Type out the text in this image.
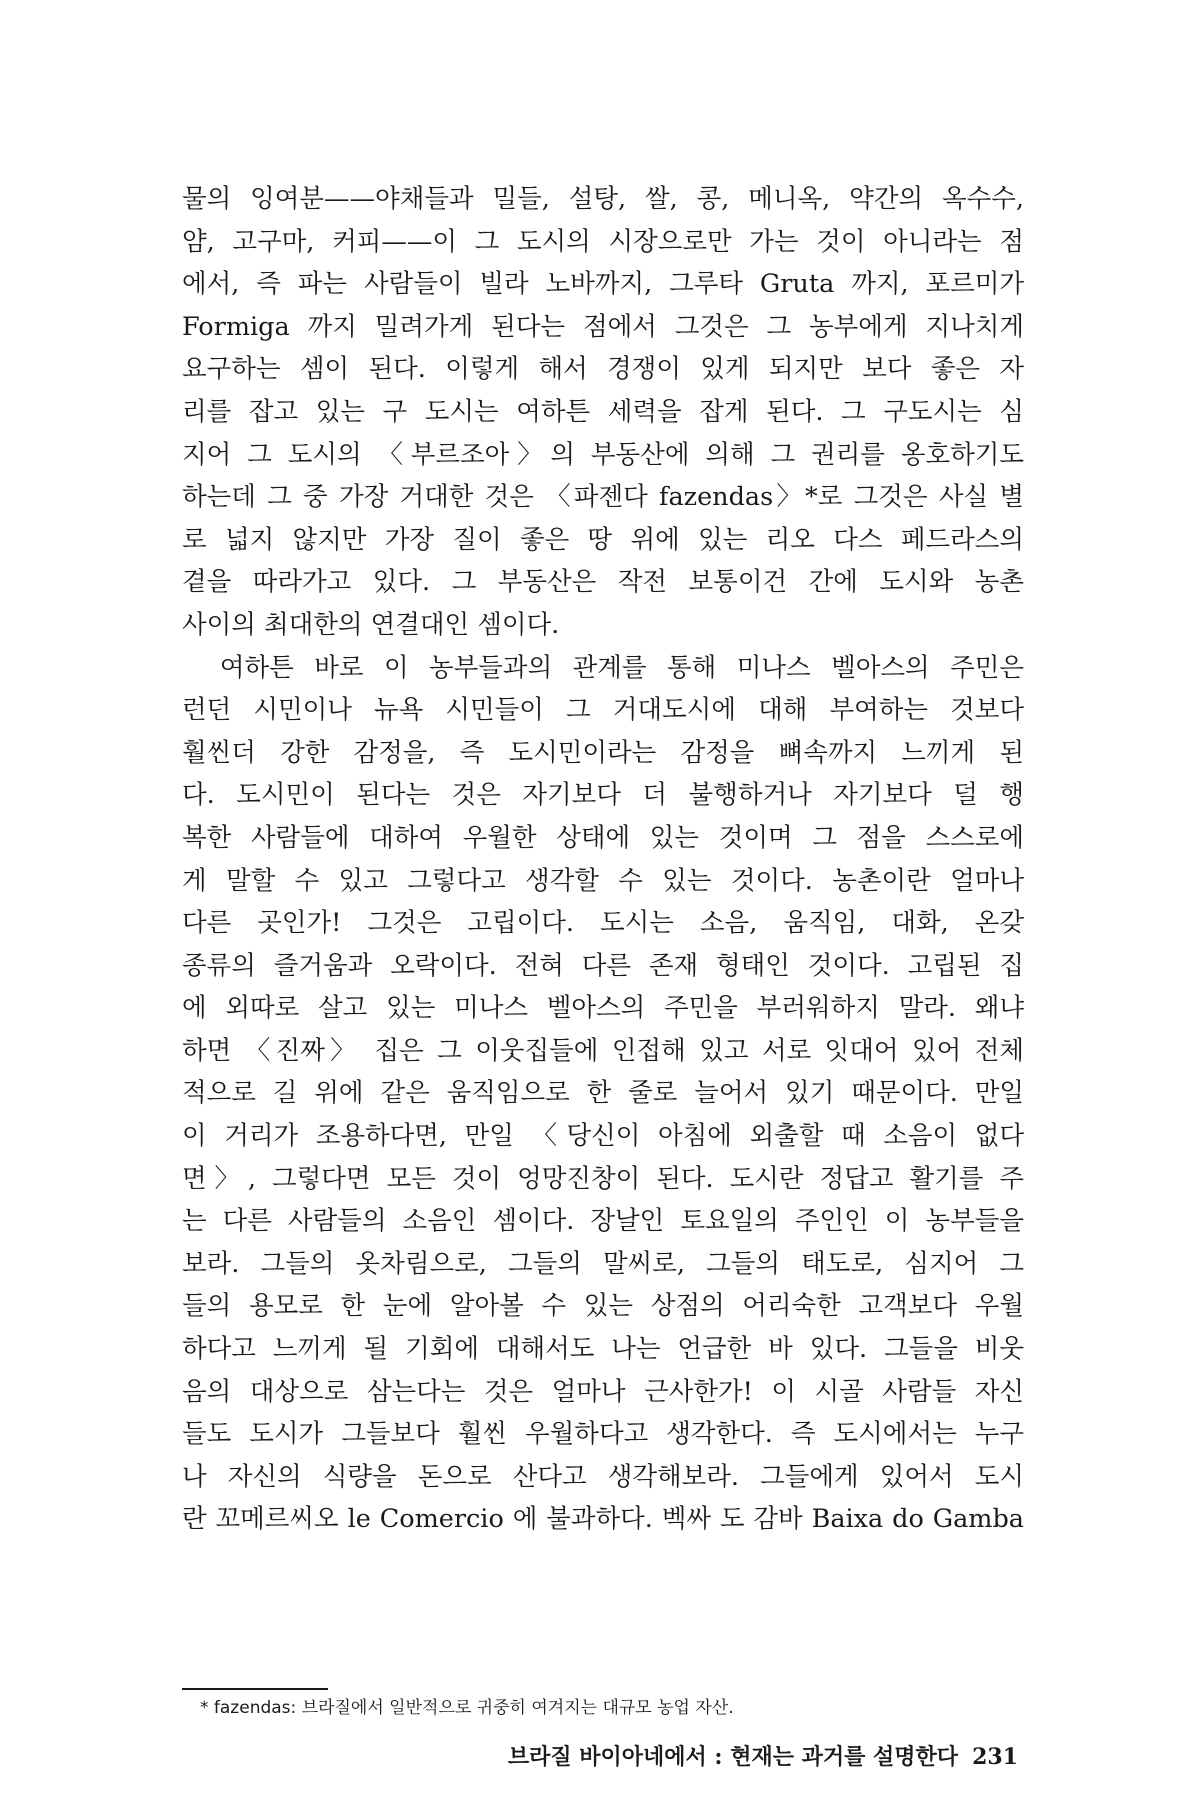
물의 잉여분——야채들과 밀들, 설탕, 쌀, 콩, 메니옥, 약간의 옥수수,
얌, 고구마, 커피——이 그 도시의 시장으로만 가는 것이 아니라는 점
에서, 즉 파는 사람들이 빌라 노바까지, 그루타 Gruta 까지, 포르미가
Formiga 까지 밀려가게 된다는 점에서 그것은 그 농부에게 지나치게
요구하는 셈이 된다. 이렇게 해서 경쟁이 있게 되지만 보다 좋은 자
리를 잡고 있는 구 도시는 여하튼 세력을 잡게 된다. 그 구도시는 심
지어 그 도시의 〈부르조아〉의 부동산에 의해 그 권리를 옹호하기도
하는데 그 중 가장 거대한 것은 〈파젠다 fazendas〉*로 그것은 사실 별
로 넓지 않지만 가장 질이 좋은 땅 위에 있는 리오 다스 페드라스의
곁을 따라가고 있다. 그 부동산은 작전 보통이건 간에 도시와 농촌
사이의 최대한의 연결대인 셈이다.
　여하튼 바로 이 농부들과의 관계를 통해 미나스 벨아스의 주민은
런던 시민이나 뉴욕 시민들이 그 거대도시에 대해 부여하는 것보다
훨씬더 강한 감정을, 즉 도시민이라는 감정을 뼈속까지 느끼게 된
다. 도시민이 된다는 것은 자기보다 더 불행하거나 자기보다 덜 행
복한 사람들에 대하여 우월한 상태에 있는 것이며 그 점을 스스로에
게 말할 수 있고 그렇다고 생각할 수 있는 것이다. 농촌이란 얼마나
다른 곳인가! 그것은 고립이다. 도시는 소음, 움직임, 대화, 온갖
종류의 즐거움과 오락이다. 전혀 다른 존재 형태인 것이다. 고립된 집
에 외따로 살고 있는 미나스 벨아스의 주민을 부러워하지 말라. 왜냐
하면 〈진짜〉 집은 그 이웃집들에 인접해 있고 서로 잇대어 있어 전체
적으로 길 위에 같은 움직임으로 한 줄로 늘어서 있기 때문이다. 만일
이 거리가 조용하다면, 만일 〈당신이 아침에 외출할 때 소음이 없다
면〉, 그렇다면 모든 것이 엉망진창이 된다. 도시란 정답고 활기를 주
는 다른 사람들의 소음인 셈이다. 장날인 토요일의 주인인 이 농부들을
보라. 그들의 옷차림으로, 그들의 말씨로, 그들의 태도로, 심지어 그
들의 용모로 한 눈에 알아볼 수 있는 상점의 어리숙한 고객보다 우월
하다고 느끼게 될 기회에 대해서도 나는 언급한 바 있다. 그들을 비웃
음의 대상으로 삼는다는 것은 얼마나 근사한가! 이 시골 사람들 자신
들도 도시가 그들보다 훨씬 우월하다고 생각한다. 즉 도시에서는 누구
나 자신의 식량을 돈으로 산다고 생각해보라. 그들에게 있어서 도시
란 꼬메르씨오 le Comercio 에 불과하다. 벡싸 도 감바 Baixa do Gamba
* fazendas: 브라질에서 일반적으로 귀중히 여겨지는 대규모 농업 자산.
브라질 바이아네에서 : 현재는 과거를 설명한다 231
